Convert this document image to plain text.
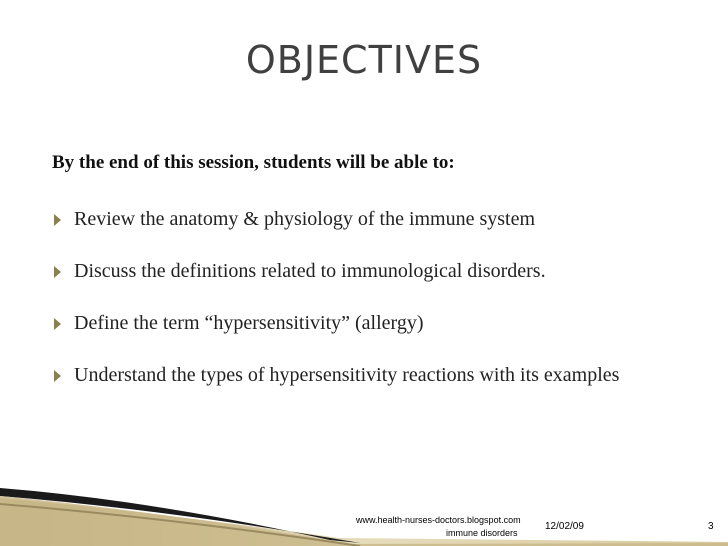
OBJECTIVES
By the end of this session, students will be able to:
Review the anatomy & physiology of the immune system
Discuss the definitions related to immunological disorders.
Define the term “hypersensitivity” (allergy)
Understand the types of hypersensitivity reactions with its examples
www.health-nurses-doctors.blogspot.com
immune disorders
12/02/09	3
